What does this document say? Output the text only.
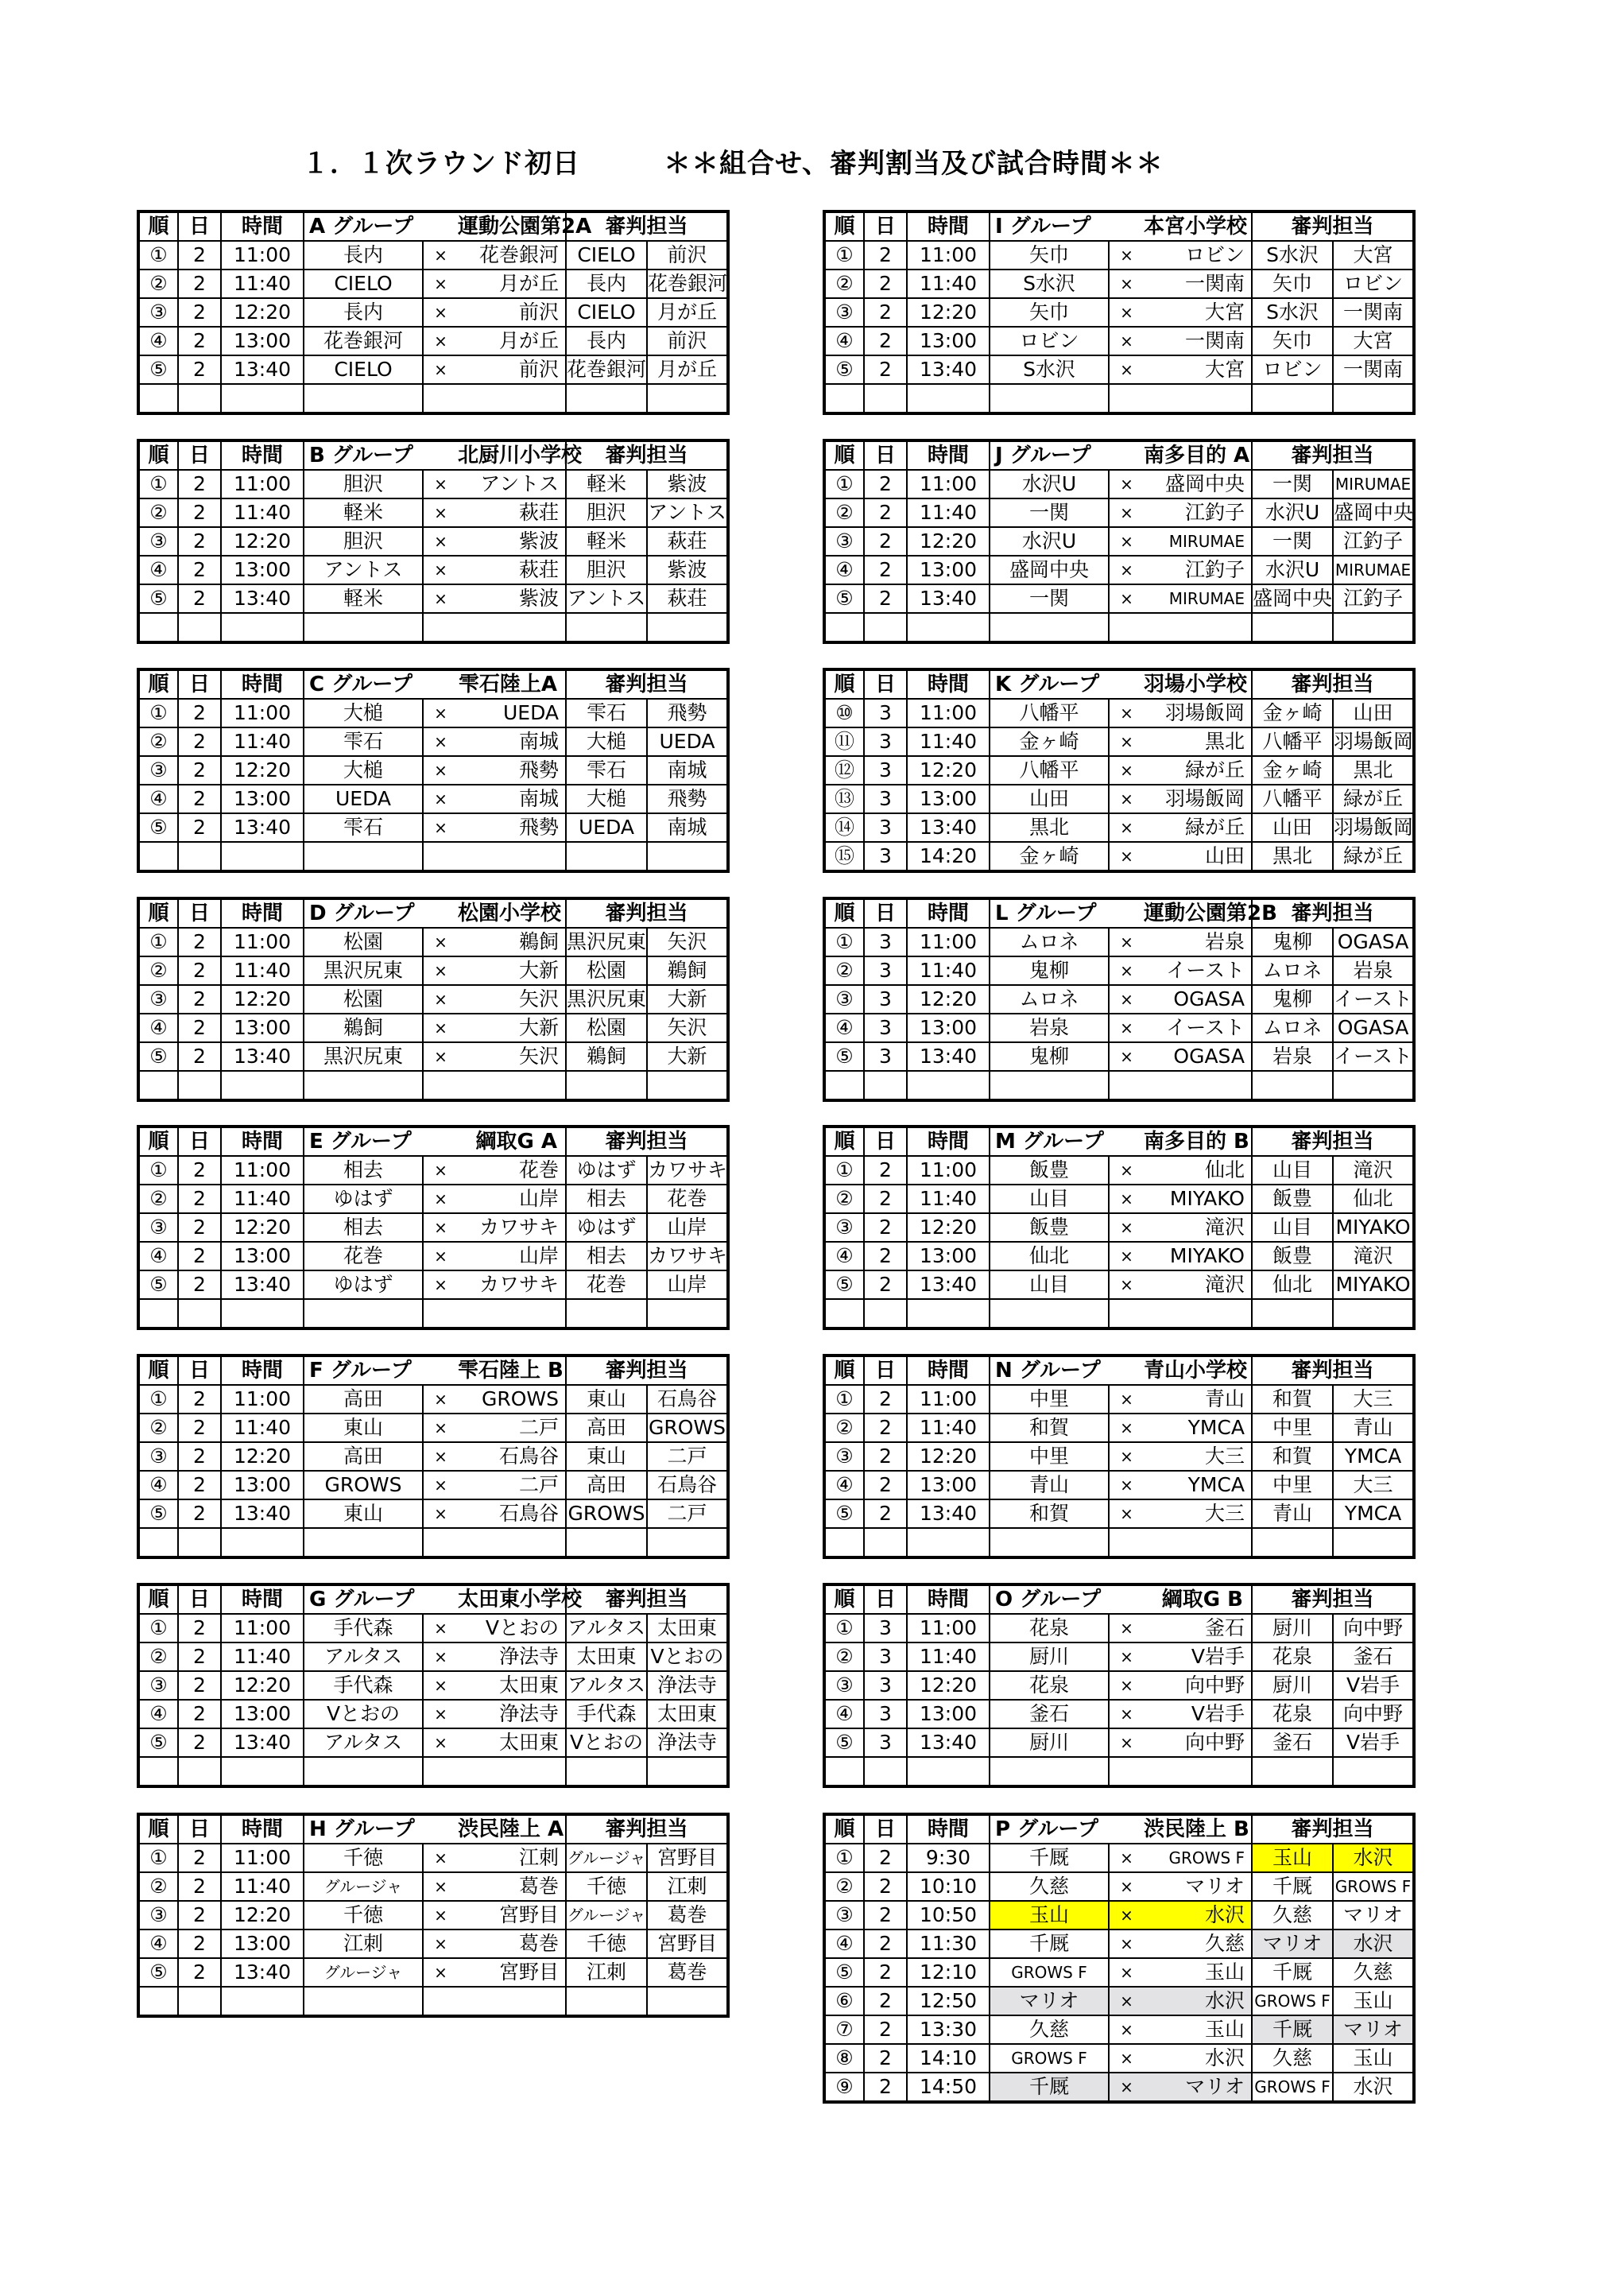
１．１次ラウンド初日　　　＊＊組合せ、審判割当及び試合時間＊＊
順	日	時間	A グループ		運動公園第2A	審判担当	
①	2	11:00	長内	×	花巻銀河	CIELO	前沢
②	2	11:40	CIELO	×	月が丘	長内	花巻銀河
③	2	12:20	長内	×	前沢	CIELO	月が丘
④	2	13:00	花巻銀河	×	月が丘	長内	前沢
⑤	2	13:40	CIELO	×	前沢	花巻銀河	月が丘

順	日	時間	I グループ		本宮小学校	審判担当	
①	2	11:00	矢巾	×	ロビン	S水沢	大宮
②	2	11:40	S水沢	×	一関南	矢巾	ロビン
③	2	12:20	矢巾	×	大宮	S水沢	一関南
④	2	13:00	ロビン	×	一関南	矢巾	大宮
⑤	2	13:40	S水沢	×	大宮	ロビン	一関南

順	日	時間	B グループ		北厨川小学校	審判担当	
①	2	11:00	胆沢	×	アントス	軽米	紫波
②	2	11:40	軽米	×	萩荘	胆沢	アントス
③	2	12:20	胆沢	×	紫波	軽米	萩荘
④	2	13:00	アントス	×	萩荘	胆沢	紫波
⑤	2	13:40	軽米	×	紫波	アントス	萩荘

順	日	時間	J グループ		南多目的 A	審判担当	
①	2	11:00	水沢U	×	盛岡中央	一関	MIRUMAE
②	2	11:40	一関	×	江釣子	水沢U	盛岡中央
③	2	12:20	水沢U	×	MIRUMAE	一関	江釣子
④	2	13:00	盛岡中央	×	江釣子	水沢U	MIRUMAE
⑤	2	13:40	一関	×	MIRUMAE	盛岡中央	江釣子

順	日	時間	C グループ		雫石陸上A	審判担当	
①	2	11:00	大槌	×	UEDA	雫石	飛勢
②	2	11:40	雫石	×	南城	大槌	UEDA
③	2	12:20	大槌	×	飛勢	雫石	南城
④	2	13:00	UEDA	×	南城	大槌	飛勢
⑤	2	13:40	雫石	×	飛勢	UEDA	南城

順	日	時間	K グループ		羽場小学校	審判担当	
⑩	3	11:00	八幡平	×	羽場飯岡	金ヶ崎	山田
⑪	3	11:40	金ヶ崎	×	黒北	八幡平	羽場飯岡
⑫	3	12:20	八幡平	×	緑が丘	金ヶ崎	黒北
⑬	3	13:00	山田	×	羽場飯岡	八幡平	緑が丘
⑭	3	13:40	黒北	×	緑が丘	山田	羽場飯岡
⑮	3	14:20	金ヶ崎	×	山田	黒北	緑が丘
順	日	時間	D グループ		松園小学校	審判担当	
①	2	11:00	松園	×	鵜飼	黒沢尻東	矢沢
②	2	11:40	黒沢尻東	×	大新	松園	鵜飼
③	2	12:20	松園	×	矢沢	黒沢尻東	大新
④	2	13:00	鵜飼	×	大新	松園	矢沢
⑤	2	13:40	黒沢尻東	×	矢沢	鵜飼	大新

順	日	時間	L グループ		運動公園第2B	審判担当	
①	3	11:00	ムロネ	×	岩泉	鬼柳	OGASA
②	3	11:40	鬼柳	×	イースト	ムロネ	岩泉
③	3	12:20	ムロネ	×	OGASA	鬼柳	イースト
④	3	13:00	岩泉	×	イースト	ムロネ	OGASA
⑤	3	13:40	鬼柳	×	OGASA	岩泉	イースト

順	日	時間	E グループ		綱取G A	審判担当	
①	2	11:00	相去	×	花巻	ゆはず	カワサキ
②	2	11:40	ゆはず	×	山岸	相去	花巻
③	2	12:20	相去	×	カワサキ	ゆはず	山岸
④	2	13:00	花巻	×	山岸	相去	カワサキ
⑤	2	13:40	ゆはず	×	カワサキ	花巻	山岸

順	日	時間	M グループ		南多目的 B	審判担当	
①	2	11:00	飯豊	×	仙北	山目	滝沢
②	2	11:40	山目	×	MIYAKO	飯豊	仙北
③	2	12:20	飯豊	×	滝沢	山目	MIYAKO
④	2	13:00	仙北	×	MIYAKO	飯豊	滝沢
⑤	2	13:40	山目	×	滝沢	仙北	MIYAKO

順	日	時間	F グループ		雫石陸上 B	審判担当	
①	2	11:00	高田	×	GROWS	東山	石鳥谷
②	2	11:40	東山	×	二戸	高田	GROWS
③	2	12:20	高田	×	石鳥谷	東山	二戸
④	2	13:00	GROWS	×	二戸	高田	石鳥谷
⑤	2	13:40	東山	×	石鳥谷	GROWS	二戸

順	日	時間	N グループ		青山小学校	審判担当	
①	2	11:00	中里	×	青山	和賀	大三
②	2	11:40	和賀	×	YMCA	中里	青山
③	2	12:20	中里	×	大三	和賀	YMCA
④	2	13:00	青山	×	YMCA	中里	大三
⑤	2	13:40	和賀	×	大三	青山	YMCA

順	日	時間	G グループ		太田東小学校	審判担当	
①	2	11:00	手代森	×	Vとおの	アルタス	太田東
②	2	11:40	アルタス	×	浄法寺	太田東	Vとおの
③	2	12:20	手代森	×	太田東	アルタス	浄法寺
④	2	13:00	Vとおの	×	浄法寺	手代森	太田東
⑤	2	13:40	アルタス	×	太田東	Vとおの	浄法寺

順	日	時間	O グループ		綱取G B	審判担当	
①	3	11:00	花泉	×	釜石	厨川	向中野
②	3	11:40	厨川	×	V岩手	花泉	釜石
③	3	12:20	花泉	×	向中野	厨川	V岩手
④	3	13:00	釜石	×	V岩手	花泉	向中野
⑤	3	13:40	厨川	×	向中野	釜石	V岩手

順	日	時間	H グループ		渋民陸上 A	審判担当	
①	2	11:00	千徳	×	江刺	グルージャ	宮野目
②	2	11:40	グルージャ	×	葛巻	千徳	江刺
③	2	12:20	千徳	×	宮野目	グルージャ	葛巻
④	2	13:00	江刺	×	葛巻	千徳	宮野目
⑤	2	13:40	グルージャ	×	宮野目	江刺	葛巻

順	日	時間	P グループ		渋民陸上 B	審判担当	
①	2	9:30	千厩	×	GROWS F	玉山	水沢
②	2	10:10	久慈	×	マリオ	千厩	GROWS F
③	2	10:50	玉山	×	水沢	久慈	マリオ
④	2	11:30	千厩	×	久慈	マリオ	水沢
⑤	2	12:10	GROWS F	×	玉山	千厩	久慈
⑥	2	12:50	マリオ	×	水沢	GROWS F	玉山
⑦	2	13:30	久慈	×	玉山	千厩	マリオ
⑧	2	14:10	GROWS F	×	水沢	久慈	玉山
⑨	2	14:50	千厩	×	マリオ	GROWS F	水沢
